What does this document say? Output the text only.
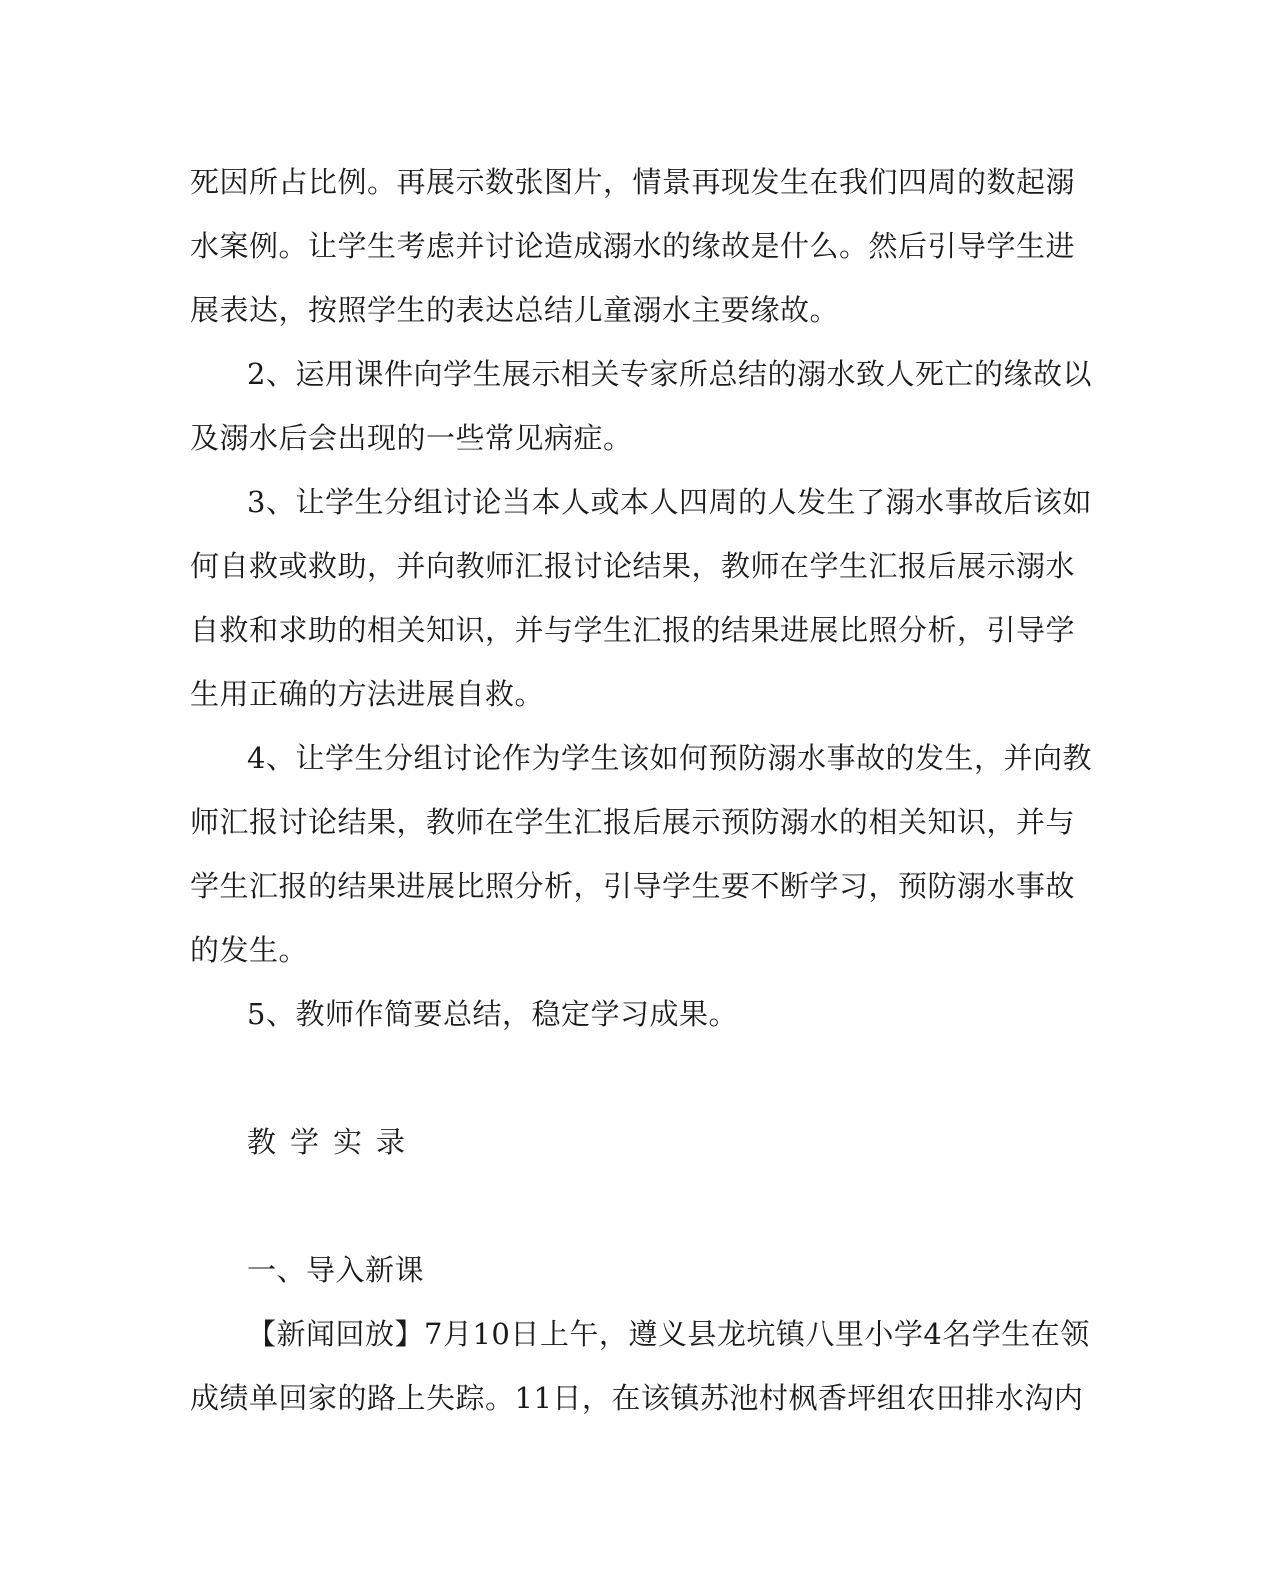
死因所占比例。再展示数张图片，情景再现发生在我们四周的数起溺
水案例。让学生考虑并讨论造成溺水的缘故是什么。然后引导学生进
展表达，按照学生的表达总结儿童溺水主要缘故。
2、运用课件向学生展示相关专家所总结的溺水致人死亡的缘故以
及溺水后会出现的一些常见病症。
3、让学生分组讨论当本人或本人四周的人发生了溺水事故后该如
何自救或救助，并向教师汇报讨论结果，教师在学生汇报后展示溺水
自救和求助的相关知识，并与学生汇报的结果进展比照分析，引导学
生用正确的方法进展自救。
4、让学生分组讨论作为学生该如何预防溺水事故的发生，并向教
师汇报讨论结果，教师在学生汇报后展示预防溺水的相关知识，并与
学生汇报的结果进展比照分析，引导学生要不断学习，预防溺水事故
的发生。
5、教师作简要总结，稳定学习成果。
教学实录
一、导入新课
【新闻回放】7月10日上午，遵义县龙坑镇八里小学4名学生在领
成绩单回家的路上失踪。11日，在该镇苏池村枫香坪组农田排水沟内
